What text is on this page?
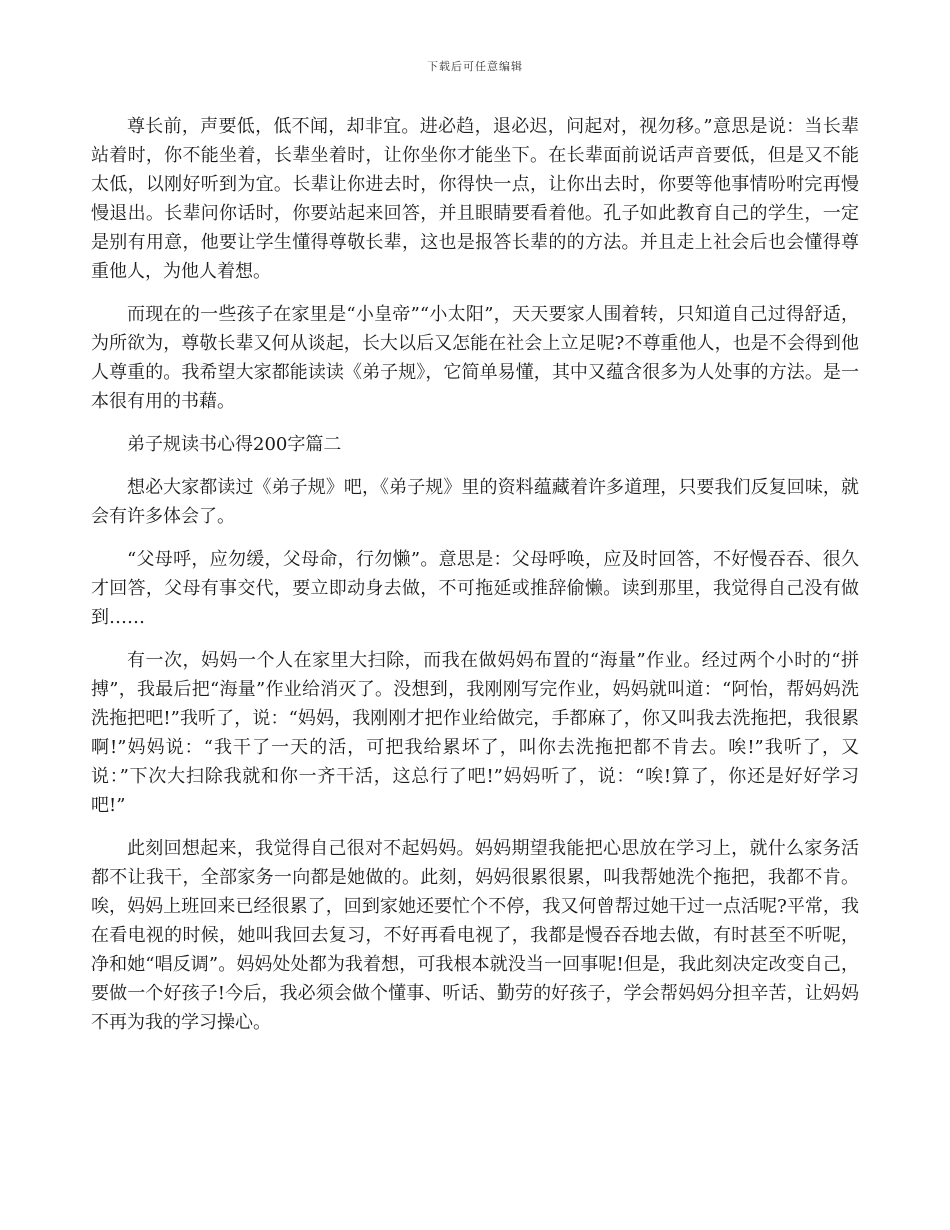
下载后可任意编辑

尊长前，声要低，低不闻，却非宜。进必趋，退必迟，问起对，视勿移。”意思是说：当长辈站着时，你不能坐着，长辈坐着时，让你坐你才能坐下。在长辈面前说话声音要低，但是又不能太低，以刚好听到为宜。长辈让你进去时，你得快一点，让你出去时，你要等他事情吩咐完再慢慢退出。长辈问你话时，你要站起来回答，并且眼睛要看着他。孔子如此教育自己的学生，一定是别有用意，他要让学生懂得尊敬长辈，这也是报答长辈的的方法。并且走上社会后也会懂得尊重他人，为他人着想。

而现在的一些孩子在家里是“小皇帝”“小太阳”，天天要家人围着转，只知道自己过得舒适，为所欲为，尊敬长辈又何从谈起，长大以后又怎能在社会上立足呢?不尊重他人，也是不会得到他人尊重的。我希望大家都能读读《弟子规》，它简单易懂，其中又蕴含很多为人处事的方法。是一本很有用的书藉。

弟子规读书心得200字篇二

想必大家都读过《弟子规》吧，《弟子规》里的资料蕴藏着许多道理，只要我们反复回味，就会有许多体会了。

“父母呼，应勿缓，父母命，行勿懒”。意思是：父母呼唤，应及时回答，不好慢吞吞、很久才回答，父母有事交代，要立即动身去做，不可拖延或推辞偷懒。读到那里，我觉得自己没有做到……

有一次，妈妈一个人在家里大扫除，而我在做妈妈布置的“海量”作业。经过两个小时的“拼搏”，我最后把“海量”作业给消灭了。没想到，我刚刚写完作业，妈妈就叫道：“阿怡，帮妈妈洗洗拖把吧!”我听了，说：“妈妈，我刚刚才把作业给做完，手都麻了，你又叫我去洗拖把，我很累啊!”妈妈说：“我干了一天的活，可把我给累坏了，叫你去洗拖把都不肯去。唉!”我听了，又说：”下次大扫除我就和你一齐干活，这总行了吧!”妈妈听了，说：“唉!算了，你还是好好学习吧!”

此刻回想起来，我觉得自己很对不起妈妈。妈妈期望我能把心思放在学习上，就什么家务活都不让我干，全部家务一向都是她做的。此刻，妈妈很累很累，叫我帮她洗个拖把，我都不肯。唉，妈妈上班回来已经很累了，回到家她还要忙个不停，我又何曾帮过她干过一点活呢?平常，我在看电视的时候，她叫我回去复习，不好再看电视了，我都是慢吞吞地去做，有时甚至不听呢，净和她“唱反调”。妈妈处处都为我着想，可我根本就没当一回事呢!但是，我此刻决定改变自己，要做一个好孩子!今后，我必须会做个懂事、听话、勤劳的好孩子，学会帮妈妈分担辛苦，让妈妈不再为我的学习操心。
